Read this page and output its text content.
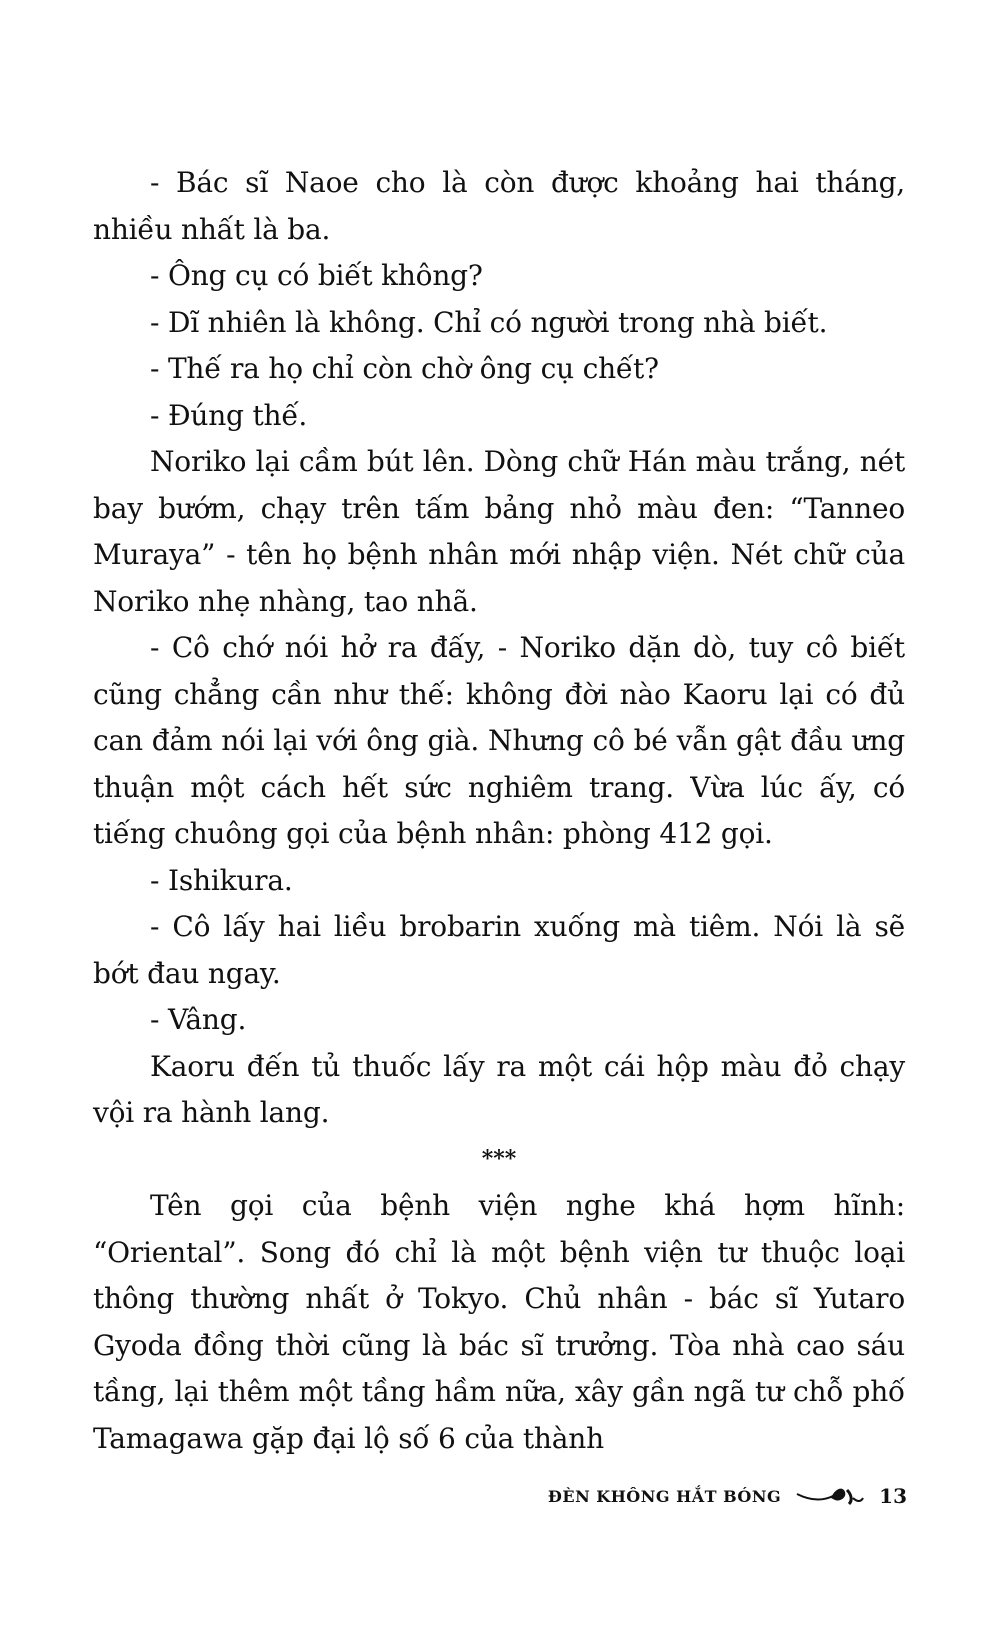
- Bác sĩ Naoe cho là còn được khoảng hai tháng, nhiều nhất là ba.

- Ông cụ có biết không?

- Dĩ nhiên là không. Chỉ có người trong nhà biết.

- Thế ra họ chỉ còn chờ ông cụ chết?

- Đúng thế.

Noriko lại cầm bút lên. Dòng chữ Hán màu trắng, nét bay bướm, chạy trên tấm bảng nhỏ màu đen: “Tanneo Muraya” - tên họ bệnh nhân mới nhập viện. Nét chữ của Noriko nhẹ nhàng, tao nhã.

- Cô chớ nói hở ra đấy, - Noriko dặn dò, tuy cô biết cũng chẳng cần như thế: không đời nào Kaoru lại có đủ can đảm nói lại với ông già. Nhưng cô bé vẫn gật đầu ưng thuận một cách hết sức nghiêm trang. Vừa lúc ấy, có tiếng chuông gọi của bệnh nhân: phòng 412 gọi.

- Ishikura.

- Cô lấy hai liều brobarin xuống mà tiêm. Nói là sẽ bớt đau ngay.

- Vâng.

Kaoru đến tủ thuốc lấy ra một cái hộp màu đỏ chạy vội ra hành lang.

***

Tên gọi của bệnh viện nghe khá hợm hĩnh: “Oriental”. Song đó chỉ là một bệnh viện tư thuộc loại thông thường nhất ở Tokyo. Chủ nhân - bác sĩ Yutaro Gyoda đồng thời cũng là bác sĩ trưởng. Tòa nhà cao sáu tầng, lại thêm một tầng hầm nữa, xây gần ngã tư chỗ phố Tamagawa gặp đại lộ số 6 của thành

ĐÈN KHÔNG HẮT BÓNG	13
